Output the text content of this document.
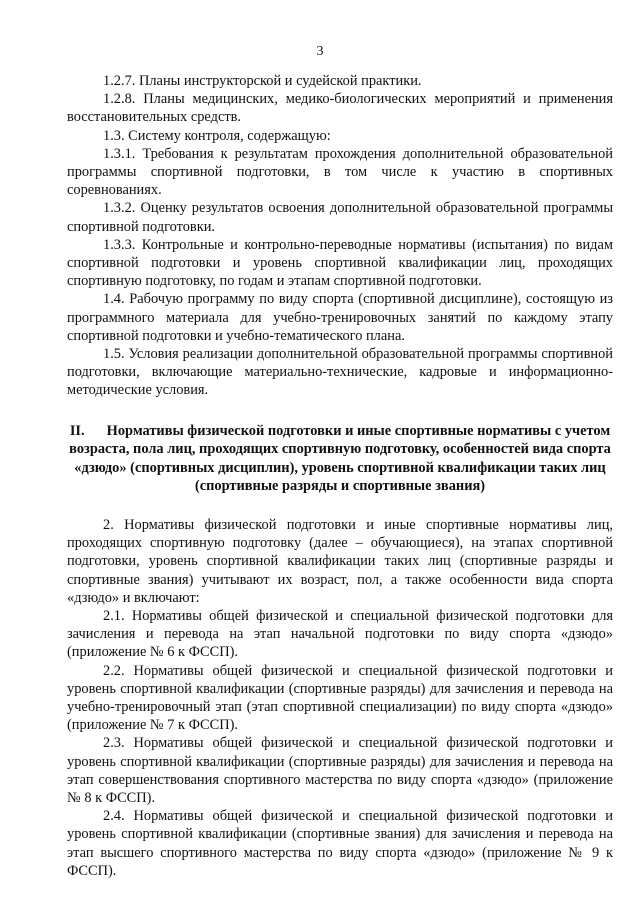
3

1.2.7. Планы инструкторской и судейской практики.

1.2.8. Планы медицинских, медико-биологических мероприятий и применения восстановительных средств.

1.3. Систему контроля, содержащую:

1.3.1. Требования к результатам прохождения дополнительной образовательной программы спортивной подготовки, в том числе к участию в спортивных соревнованиях.

1.3.2. Оценку результатов освоения дополнительной образовательной программы спортивной подготовки.

1.3.3. Контрольные и контрольно-переводные нормативы (испытания) по видам спортивной подготовки и уровень спортивной квалификации лиц, проходящих спортивную подготовку, по годам и этапам спортивной подготовки.

1.4. Рабочую программу по виду спорта (спортивной дисциплине), состоящую из программного материала для учебно-тренировочных занятий по каждому этапу спортивной подготовки и учебно-тематического плана.

1.5. Условия реализации дополнительной образовательной программы спортивной подготовки, включающие материально-технические, кадровые и информационно-методические условия.

II. Нормативы физической подготовки и иные спортивные нормативы с учетом возраста, пола лиц, проходящих спортивную подготовку, особенностей вида спорта «дзюдо» (спортивных дисциплин), уровень спортивной квалификации таких лиц (спортивные разряды и спортивные звания)

2. Нормативы физической подготовки и иные спортивные нормативы лиц, проходящих спортивную подготовку (далее – обучающиеся), на этапах спортивной подготовки, уровень спортивной квалификации таких лиц (спортивные разряды и спортивные звания) учитывают их возраст, пол, а также особенности вида спорта «дзюдо» и включают:

2.1. Нормативы общей физической и специальной физической подготовки для зачисления и перевода на этап начальной подготовки по виду спорта «дзюдо» (приложение № 6 к ФССП).

2.2. Нормативы общей физической и специальной физической подготовки и уровень спортивной квалификации (спортивные разряды) для зачисления и перевода на учебно-тренировочный этап (этап спортивной специализации) по виду спорта «дзюдо» (приложение № 7 к ФССП).

2.3. Нормативы общей физической и специальной физической подготовки и уровень спортивной квалификации (спортивные разряды) для зачисления и перевода на этап совершенствования спортивного мастерства по виду спорта «дзюдо» (приложение № 8 к ФССП).

2.4. Нормативы общей физической и специальной физической подготовки и уровень спортивной квалификации (спортивные звания) для зачисления и перевода на этап высшего спортивного мастерства по виду спорта «дзюдо» (приложение № 9 к ФССП).
